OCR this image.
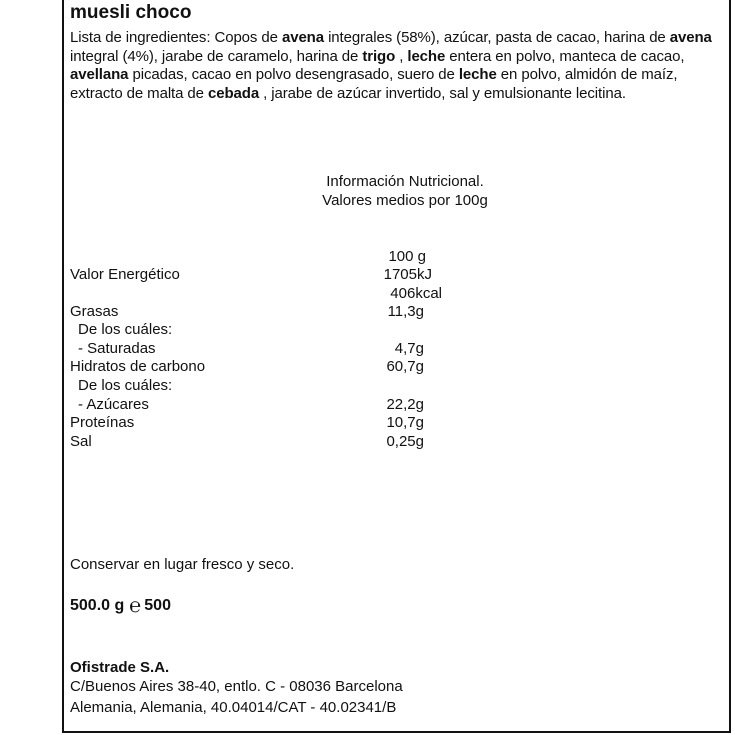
muesli choco
Lista de ingredientes: Copos de avena integrales (58%), azúcar, pasta de cacao, harina de avena integral (4%), jarabe de caramelo, harina de trigo , leche entera en polvo, manteca de cacao, avellana picadas, cacao en polvo desengrasado, suero de leche en polvo, almidón de maíz, extracto de malta de cebada , jarabe de azúcar invertido, sal y emulsionante lecitina.
Información Nutricional.
Valores medios por 100g
100 g
Valor Energético	1705kJ
406kcal
Grasas	11,3g
De los cuáles:
- Saturadas	4,7g
Hidratos de carbono	60,7g
De los cuáles:
- Azúcares	22,2g
Proteínas	10,7g
Sal	0,25g
Conservar en lugar fresco y seco.
500.0 g ℮ 500
Ofistrade S.A.
C/Buenos Aires 38-40, entlo. C - 08036 Barcelona
Alemania, Alemania, 40.04014/CAT - 40.02341/B
